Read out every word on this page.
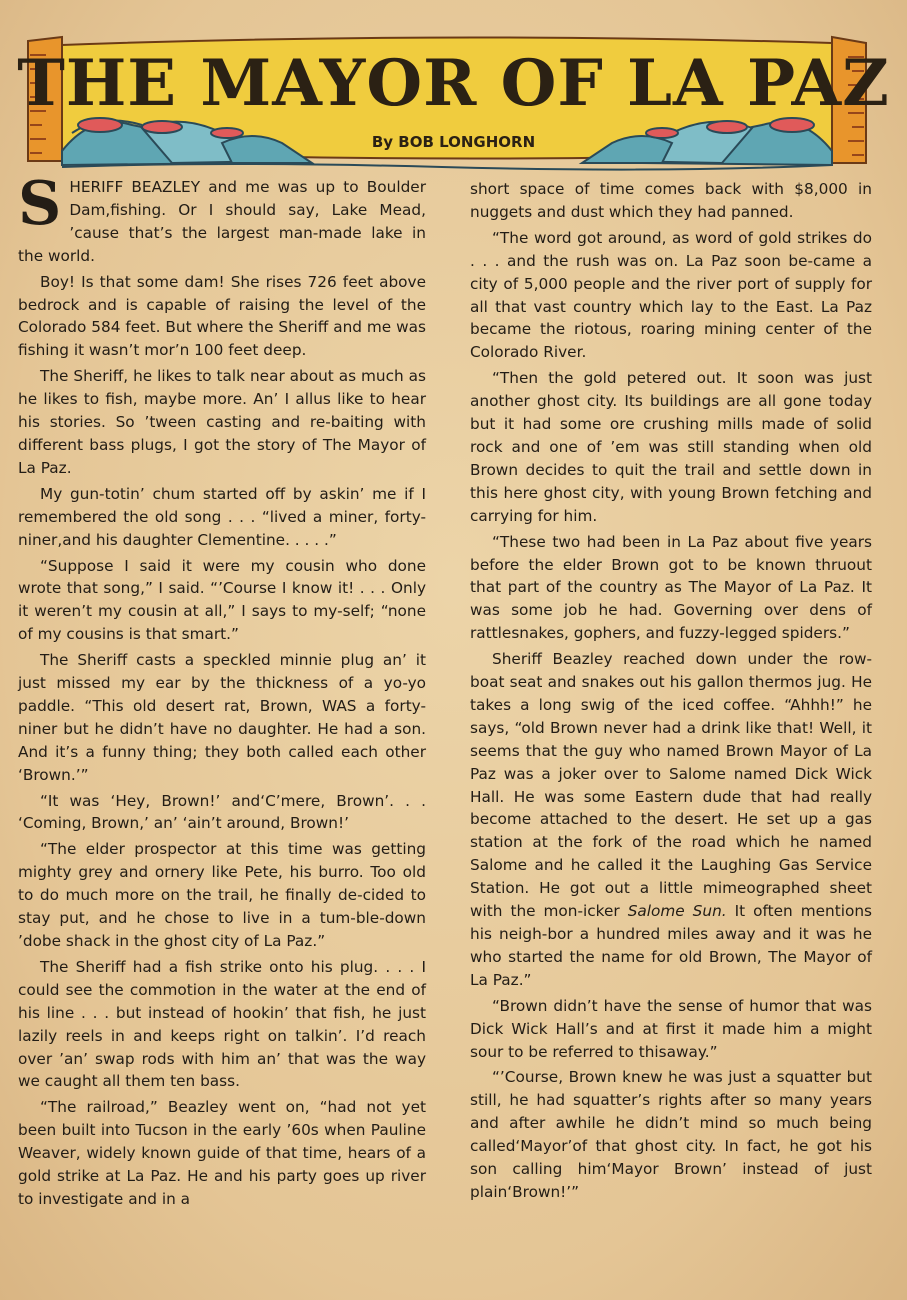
THE MAYOR OF LA PAZ
By BOB LONGHORN

SHERIFF BEAZLEY and me was up to Boulder Dam,fishing. Or I should say, Lake Mead, ’cause that’s the largest man-made lake in the world.

Boy! Is that some dam! She rises 726 feet above bedrock and is capable of raising the level of the Colorado 584 feet. But where the Sheriff and me was fishing it wasn’t mor’n 100 feet deep.

The Sheriff, he likes to talk near about as much as he likes to fish, maybe more. An’ I allus like to hear his stories. So ’tween casting and re-baiting with different bass plugs, I got the story of The Mayor of La Paz.

My gun-totin’ chum started off by askin’ me if I remembered the old song . . . “lived a miner, forty-niner,and his daughter Clementine. . . . .”

“Suppose I said it were my cousin who done wrote that song,” I said. “’Course I know it! . . . Only it weren’t my cousin at all,” I says to my-self; “none of my cousins is that smart.”

The Sheriff casts a speckled minnie plug an’ it just missed my ear by the thickness of a yo-yo paddle. “This old desert rat, Brown, WAS a forty-niner but he didn’t have no daughter. He had a son. And it’s a funny thing; they both called each other ‘Brown.’”

“It was ‘Hey, Brown!’ and‘C’mere, Brown’. . . ‘Coming, Brown,’ an’ ‘ain’t around, Brown!’

“The elder prospector at this time was getting mighty grey and ornery like Pete, his burro. Too old to do much more on the trail, he finally de-cided to stay put, and he chose to live in a tum-ble-down ’dobe shack in the ghost city of La Paz.”

The Sheriff had a fish strike onto his plug. . . . I could see the commotion in the water at the end of his line . . . but instead of hookin’ that fish, he just lazily reels in and keeps right on talkin’. I’d reach over ’an’ swap rods with him an’ that was the way we caught all them ten bass.

“The railroad,” Beazley went on, “had not yet been built into Tucson in the early ’60s when Pauline Weaver, widely known guide of that time, hears of a gold strike at La Paz. He and his party goes up river to investigate and in a

short space of time comes back with $8,000 in nuggets and dust which they had panned.

“The word got around, as word of gold strikes do . . . and the rush was on. La Paz soon be-came a city of 5,000 people and the river port of supply for all that vast country which lay to the East. La Paz became the riotous, roaring mining center of the Colorado River.

“Then the gold petered out. It soon was just another ghost city. Its buildings are all gone today but it had some ore crushing mills made of solid rock and one of ’em was still standing when old Brown decides to quit the trail and settle down in this here ghost city, with young Brown fetching and carrying for him.

“These two had been in La Paz about five years before the elder Brown got to be known thruout that part of the country as The Mayor of La Paz. It was some job he had. Governing over dens of rattlesnakes, gophers, and fuzzy-legged spiders.”

Sheriff Beazley reached down under the row-boat seat and snakes out his gallon thermos jug. He takes a long swig of the iced coffee. “Ahhh!” he says, “old Brown never had a drink like that! Well, it seems that the guy who named Brown Mayor of La Paz was a joker over to Salome named Dick Wick Hall. He was some Eastern dude that had really become attached to the desert. He set up a gas station at the fork of the road which he named Salome and he called it the Laughing Gas Service Station. He got out a little mimeographed sheet with the mon-icker Salome Sun. It often mentions his neigh-bor a hundred miles away and it was he who started the name for old Brown, The Mayor of La Paz.”

“Brown didn’t have the sense of humor that was Dick Wick Hall’s and at first it made him a might sour to be referred to thisaway.”

“’Course, Brown knew he was just a squatter but still, he had squatter’s rights after so many years and after awhile he didn’t mind so much being called‘Mayor’of that ghost city. In fact, he got his son calling him‘Mayor Brown’ instead of just plain‘Brown!’”
